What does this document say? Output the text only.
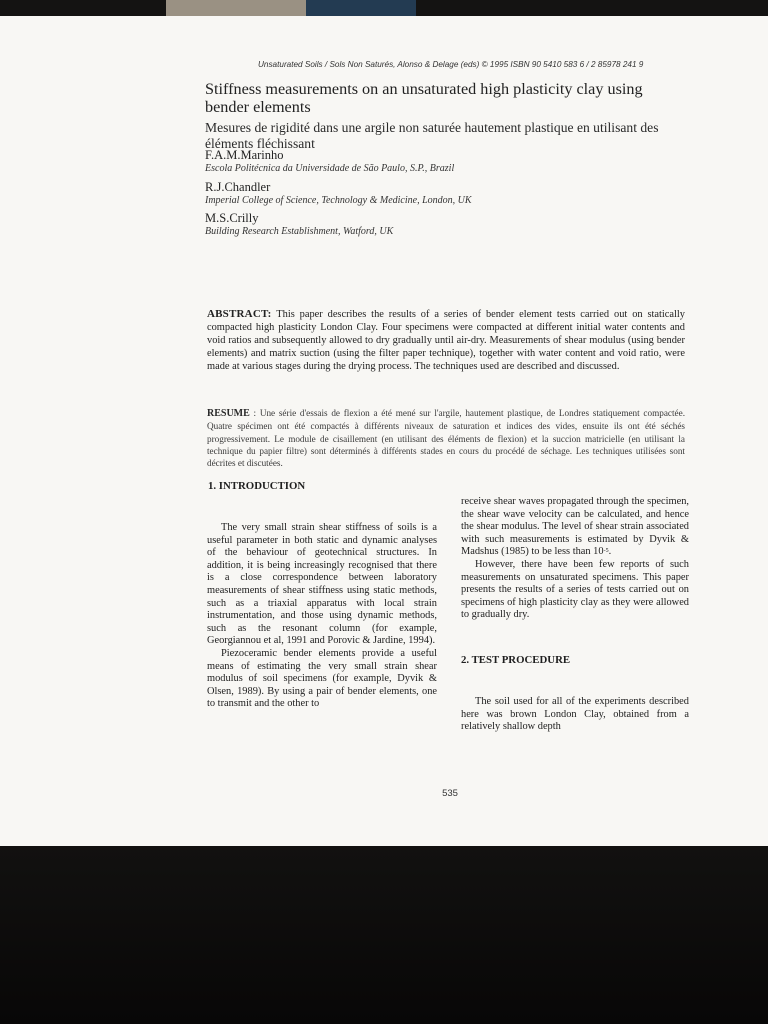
Unsaturated Soils / Sols Non Saturés, Alonso & Delage (eds) © 1995 ISBN 90 5410 583 6 / 2 85978 241 9

Stiffness measurements on an unsaturated high plasticity clay using bender elements
Mesures de rigidité dans une argile non saturée hautement plastique en utilisant des éléments fléchissant
F.A.M.Marinho
Escola Politécnica da Universidade de São Paulo, S.P., Brazil
R.J.Chandler
Imperial College of Science, Technology & Medicine, London, UK
M.S.Crilly
Building Research Establishment, Watford, UK

ABSTRACT: This paper describes the results of a series of bender element tests carried out on statically compacted high plasticity London Clay. Four specimens were compacted at different initial water contents and void ratios and subsequently allowed to dry gradually until air-dry. Measurements of shear modulus (using bender elements) and matrix suction (using the filter paper technique), together with water content and void ratio, were made at various stages during the drying process. The techniques used are described and discussed.

RESUME : Une série d'essais de flexion a été mené sur l'argile, hautement plastique, de Londres statiquement compactée. Quatre spécimen ont été compactés à différents niveaux de saturation et indices des vides, ensuite ils ont été séchés progressivement. Le module de cisaillement (en utilisant des éléments de flexion) et la succion matricielle (en utilisant la technique du papier filtre) sont déterminés à différents stades en cours du procédé de séchage. Les techniques utilisées sont décrites et discutées.

1. INTRODUCTION

The very small strain shear stiffness of soils is a useful parameter in both static and dynamic analyses of the behaviour of geotechnical structures. In addition, it is being increasingly recognised that there is a close correspondence between laboratory measurements of shear stiffness using static methods, such as a triaxial apparatus with local strain instrumentation, and those using dynamic methods, such as the resonant column (for example, Georgiannou et al, 1991 and Porovic & Jardine, 1994).

Piezoceramic bender elements provide a useful means of estimating the very small strain shear modulus of soil specimens (for example, Dyvik & Olsen, 1989). By using a pair of bender elements, one to transmit and the other to

receive shear waves propagated through the specimen, the shear wave velocity can be calculated, and hence the shear modulus. The level of shear strain associated with such measurements is estimated by Dyvik & Madshus (1985) to be less than $10^{-5}$.

However, there have been few reports of such measurements on unsaturated specimens. This paper presents the results of a series of tests carried out on specimens of high plasticity clay as they were allowed to gradually dry.

2. TEST PROCEDURE

The soil used for all of the experiments described here was brown London Clay, obtained from a relatively shallow depth

535
